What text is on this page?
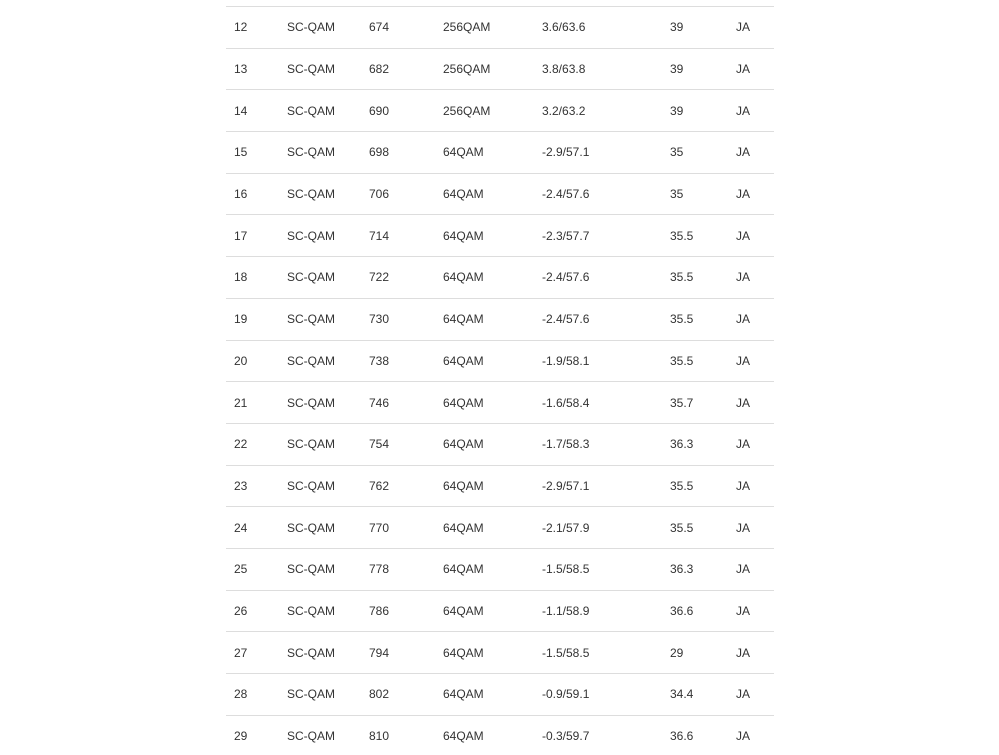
12	SC-QAM	674	256QAM	3.6/63.6	39	JA
13	SC-QAM	682	256QAM	3.8/63.8	39	JA
14	SC-QAM	690	256QAM	3.2/63.2	39	JA
15	SC-QAM	698	64QAM	-2.9/57.1	35	JA
16	SC-QAM	706	64QAM	-2.4/57.6	35	JA
17	SC-QAM	714	64QAM	-2.3/57.7	35.5	JA
18	SC-QAM	722	64QAM	-2.4/57.6	35.5	JA
19	SC-QAM	730	64QAM	-2.4/57.6	35.5	JA
20	SC-QAM	738	64QAM	-1.9/58.1	35.5	JA
21	SC-QAM	746	64QAM	-1.6/58.4	35.7	JA
22	SC-QAM	754	64QAM	-1.7/58.3	36.3	JA
23	SC-QAM	762	64QAM	-2.9/57.1	35.5	JA
24	SC-QAM	770	64QAM	-2.1/57.9	35.5	JA
25	SC-QAM	778	64QAM	-1.5/58.5	36.3	JA
26	SC-QAM	786	64QAM	-1.1/58.9	36.6	JA
27	SC-QAM	794	64QAM	-1.5/58.5	29	JA
28	SC-QAM	802	64QAM	-0.9/59.1	34.4	JA
29	SC-QAM	810	64QAM	-0.3/59.7	36.6	JA
